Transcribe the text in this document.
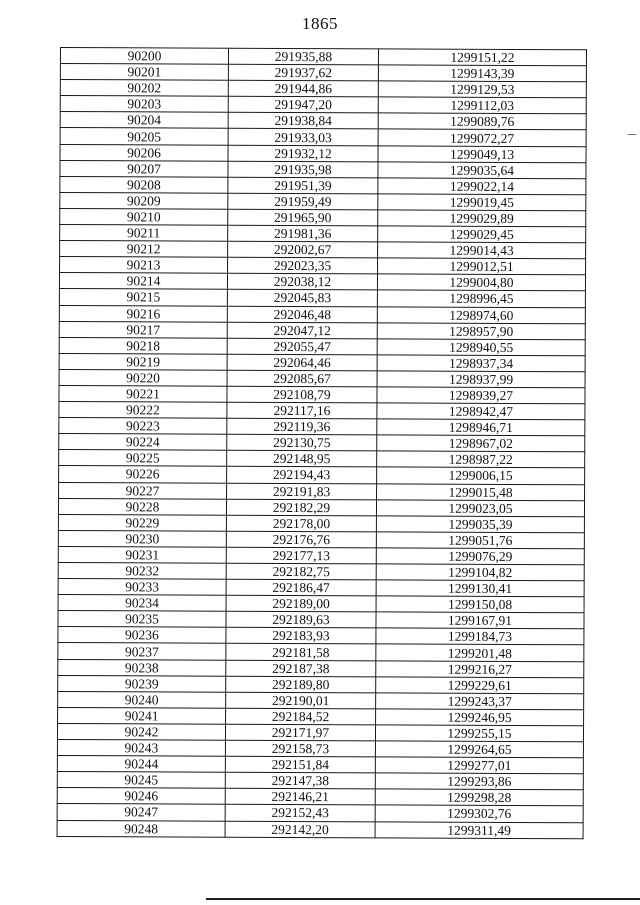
1865
90200	291935,88	1299151,22
90201	291937,62	1299143,39
90202	291944,86	1299129,53
90203	291947,20	1299112,03
90204	291938,84	1299089,76
90205	291933,03	1299072,27
90206	291932,12	1299049,13
90207	291935,98	1299035,64
90208	291951,39	1299022,14
90209	291959,49	1299019,45
90210	291965,90	1299029,89
90211	291981,36	1299029,45
90212	292002,67	1299014,43
90213	292023,35	1299012,51
90214	292038,12	1299004,80
90215	292045,83	1298996,45
90216	292046,48	1298974,60
90217	292047,12	1298957,90
90218	292055,47	1298940,55
90219	292064,46	1298937,34
90220	292085,67	1298937,99
90221	292108,79	1298939,27
90222	292117,16	1298942,47
90223	292119,36	1298946,71
90224	292130,75	1298967,02
90225	292148,95	1298987,22
90226	292194,43	1299006,15
90227	292191,83	1299015,48
90228	292182,29	1299023,05
90229	292178,00	1299035,39
90230	292176,76	1299051,76
90231	292177,13	1299076,29
90232	292182,75	1299104,82
90233	292186,47	1299130,41
90234	292189,00	1299150,08
90235	292189,63	1299167,91
90236	292183,93	1299184,73
90237	292181,58	1299201,48
90238	292187,38	1299216,27
90239	292189,80	1299229,61
90240	292190,01	1299243,37
90241	292184,52	1299246,95
90242	292171,97	1299255,15
90243	292158,73	1299264,65
90244	292151,84	1299277,01
90245	292147,38	1299293,86
90246	292146,21	1299298,28
90247	292152,43	1299302,76
90248	292142,20	1299311,49
